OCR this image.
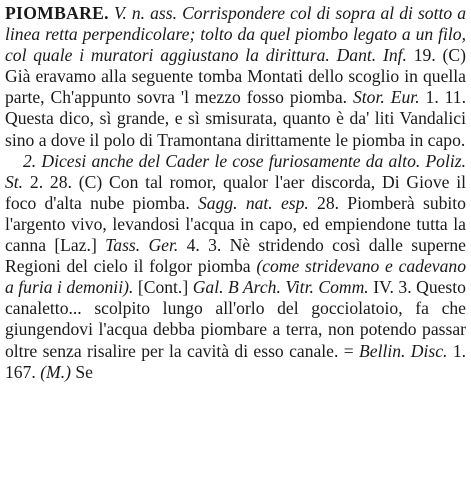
PIOMBARE. V. n. ass. Corrispondere col di sopra al di sotto a linea retta perpendicolare; tolto da quel piombo legato a un filo, col quale i muratori aggiustano la dirittura. Dant. Inf. 19. (C) Già eravamo alla seguente tomba Montati dello scoglio in quella parte, Ch'appunto sovra 'l mezzo fosso piomba. Stor. Eur. 1. 11. Questa dico, sì grande, e sì smisurata, quanto è da' liti Vandalici sino a dove il polo di Tramontana dirittamente le piomba in capo.

2. Dicesi anche del Cader le cose furiosamente da alto. Poliz. St. 2. 28. (C) Con tal romor, qualor l'aer discorda, Di Giove il foco d'alta nube piomba. Sagg. nat. esp. 28. Piomberà subito l'argento vivo, levandosi l'acqua in capo, ed empiendone tutta la canna [Laz.] Tass. Ger. 4. 3. Nè stridendo così dalle superne Regioni del cielo il folgor piomba (come stridevano e cadevano a furia i demonii). [Cont.] Gal. B Arch. Vitr. Comm. IV. 3. Questo canaletto... scolpito lungo all'orlo del gocciolatoio, fa che giungendovi l'acqua debba piombare a terra, non potendo passar oltre senza risalire per la cavità di esso canale. = Bellin. Disc. 1. 167. (M.) Se
